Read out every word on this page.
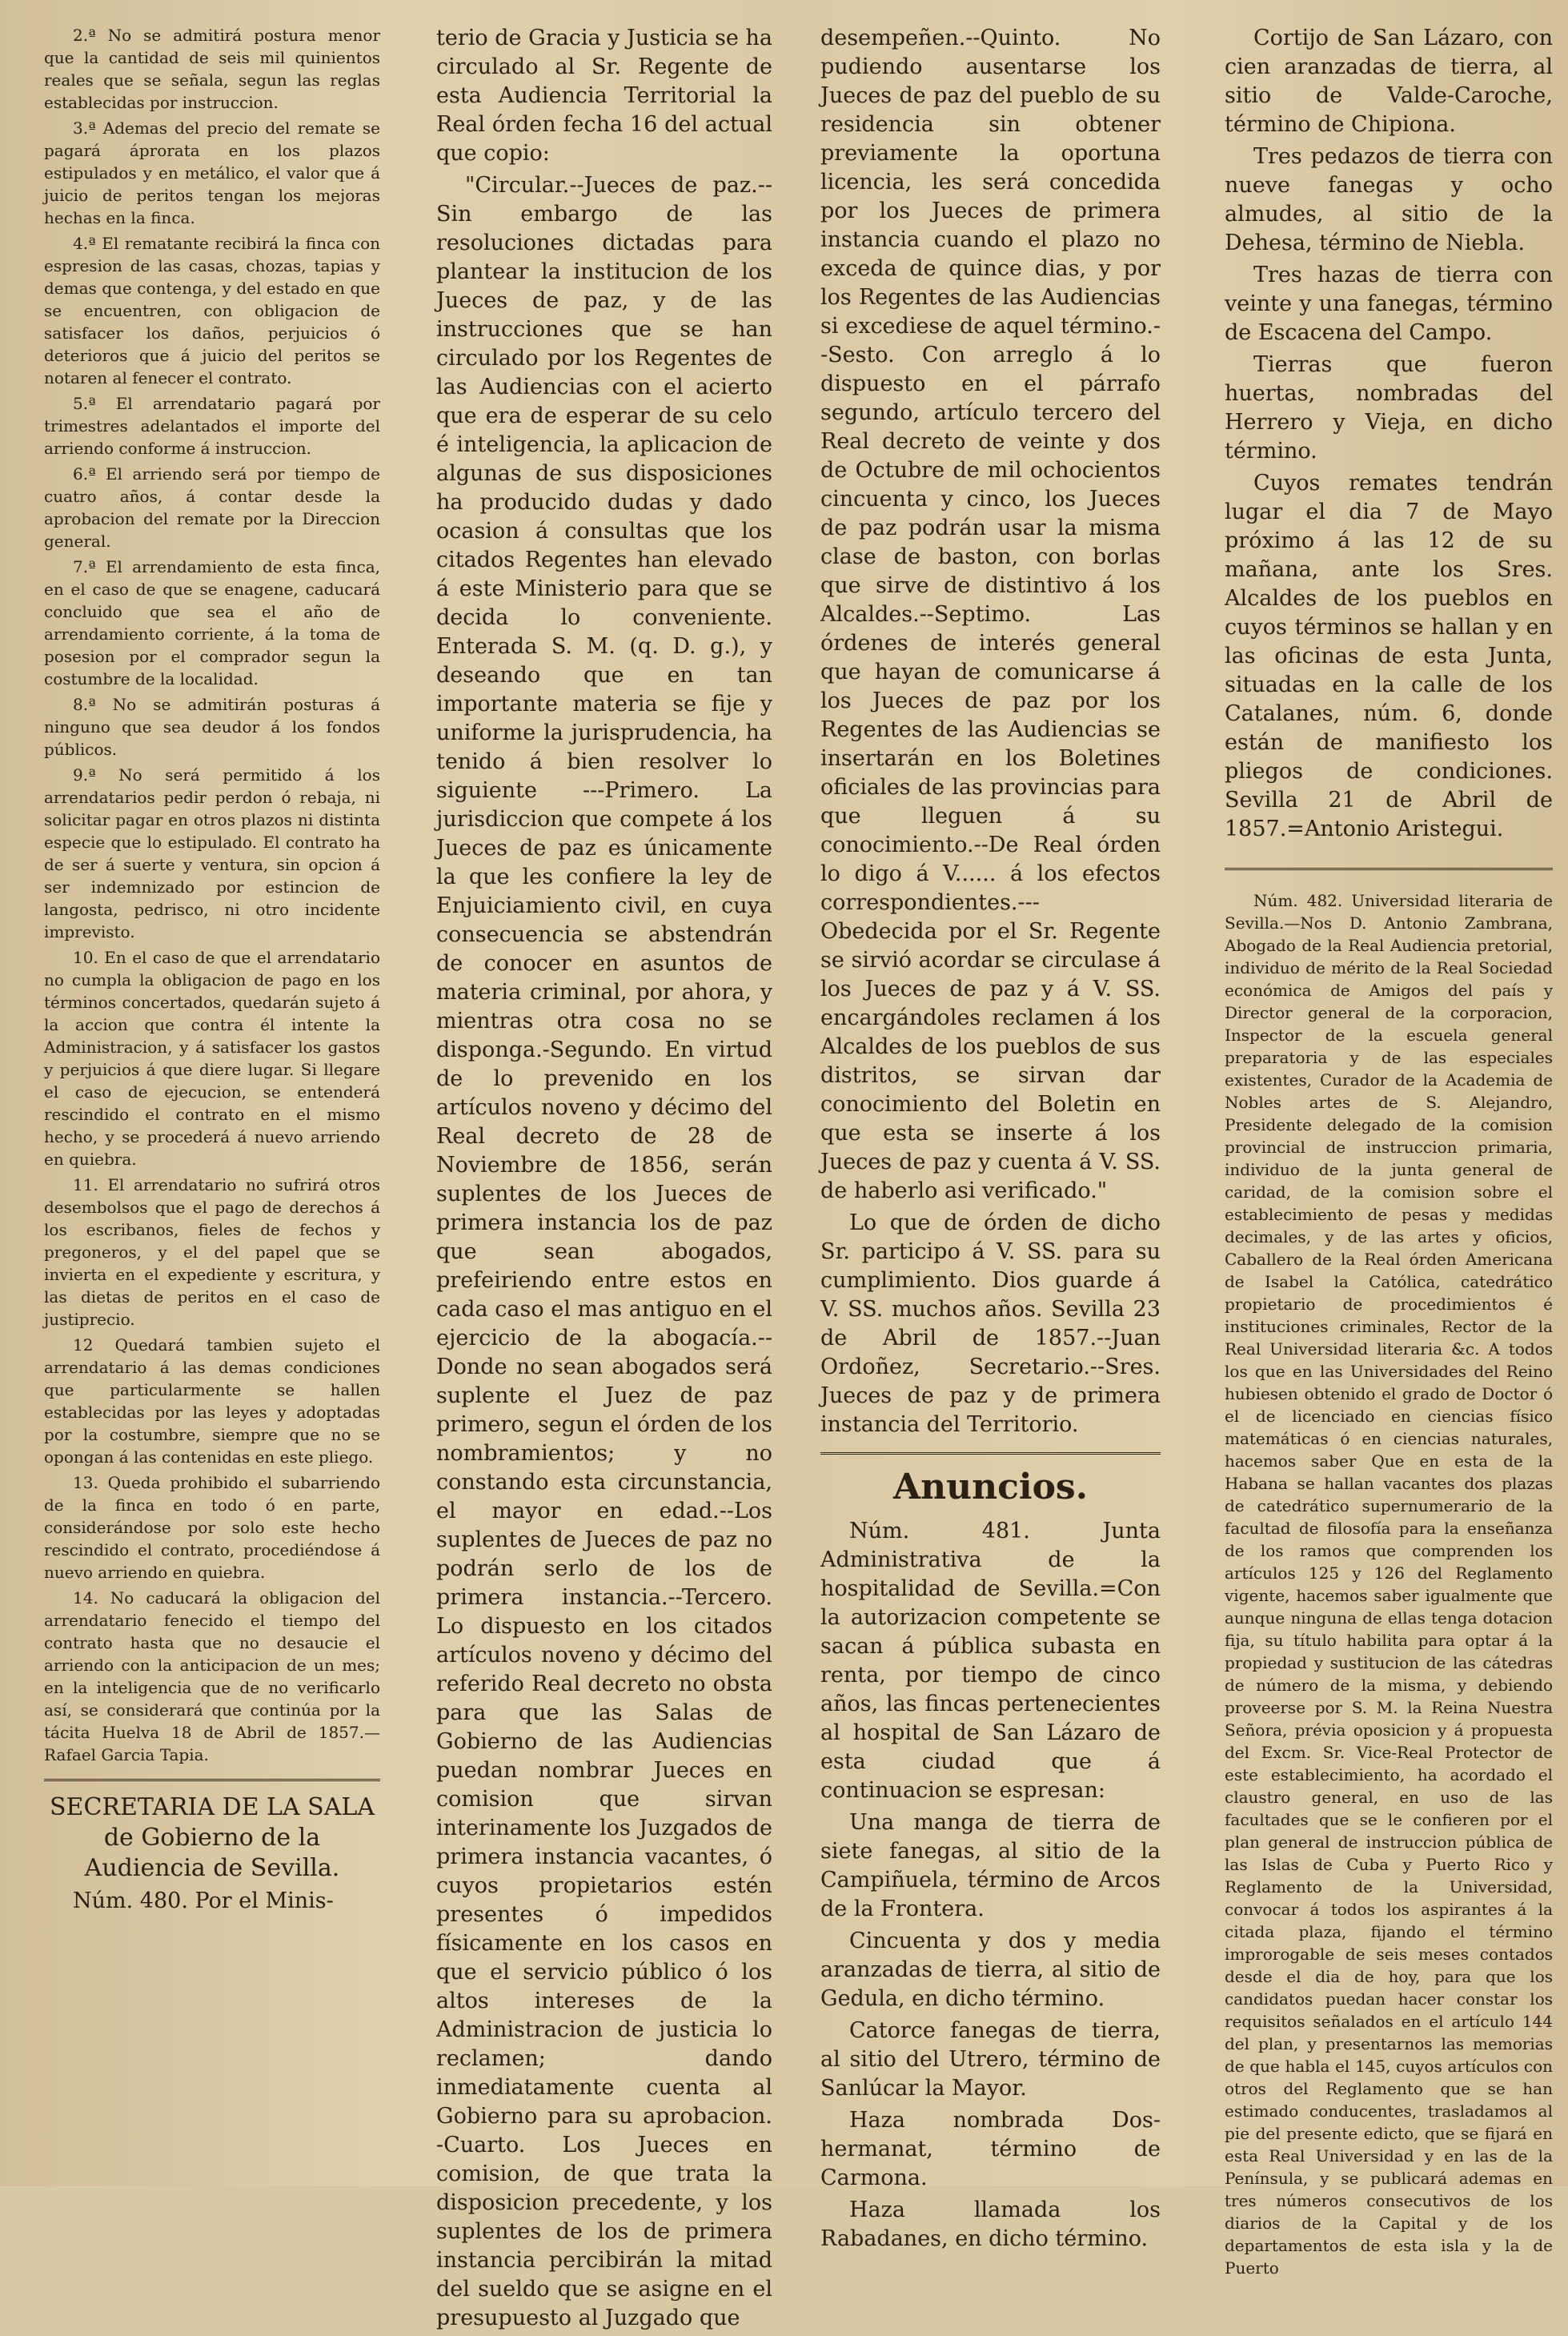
2.ª No se admitirá postura menor que la cantidad de seis mil quinientos reales que se señala, segun las reglas establecidas por instruccion.

3.ª Ademas del precio del remate se pagará áprorata en los plazos estipulados y en metálico, el valor que á juicio de peritos tengan los mejoras hechas en la finca.

4.ª El rematante recibirá la finca con espresion de las casas, chozas, tapias y demas que contenga, y del estado en que se encuentren, con obligacion de satisfacer los daños, perjuicios ó deterioros que á juicio del peritos se notaren al fenecer el contrato.

5.ª El arrendatario pagará por trimestres adelantados el importe del arriendo conforme á instruccion.

6.ª El arriendo será por tiempo de cuatro años, á contar desde la aprobacion del remate por la Direccion general.

7.ª El arrendamiento de esta finca, en el caso de que se enagene, caducará concluido que sea el año de arrendamiento corriente, á la toma de posesion por el comprador segun la costumbre de la localidad.

8.ª No se admitirán posturas á ninguno que sea deudor á los fondos públicos.

9.ª No será permitido á los arrendatarios pedir perdon ó rebaja, ni solicitar pagar en otros plazos ni distinta especie que lo estipulado. El contrato ha de ser á suerte y ventura, sin opcion á ser indemnizado por estincion de langosta, pedrisco, ni otro incidente imprevisto.

10. En el caso de que el arrendatario no cumpla la obligacion de pago en los términos concertados, quedarán sujeto á la accion que contra él intente la Administracion, y á satisfacer los gastos y perjuicios á que diere lugar. Si llegare el caso de ejecucion, se entenderá rescindido el contrato en el mismo hecho, y se procederá á nuevo arriendo en quiebra.

11. El arrendatario no sufrirá otros desembolsos que el pago de derechos á los escribanos, fieles de fechos y pregoneros, y el del papel que se invierta en el expediente y escritura, y las dietas de peritos en el caso de justiprecio.

12 Quedará tambien sujeto el arrendatario á las demas condiciones que particularmente se hallen establecidas por las leyes y adoptadas por la costumbre, siempre que no se opongan á las contenidas en este pliego.

13. Queda prohibido el subarriendo de la finca en todo ó en parte, considerándose por solo este hecho rescindido el contrato, procediéndose á nuevo arriendo en quiebra.

14. No caducará la obligacion del arrendatario fenecido el tiempo del contrato hasta que no desaucie el arriendo con la anticipacion de un mes; en la inteligencia que de no verificarlo así, se considerará que continúa por la tácita Huelva 18 de Abril de 1857.—Rafael Garcia Tapia.

SECRETARIA DE LA SALA de Gobierno de la Audiencia de Sevilla.

Núm. 480. Por el Minis-

terio de Gracia y Justicia se ha circulado al Sr. Regente de esta Audiencia Territorial la Real órden fecha 16 del actual que copio:

"Circular.--Jueces de paz.--Sin embargo de las resoluciones dictadas para plantear la institucion de los Jueces de paz, y de las instrucciones que se han circulado por los Regentes de las Audiencias con el acierto que era de esperar de su celo é inteligencia, la aplicacion de algunas de sus disposiciones ha producido dudas y dado ocasion á consultas que los citados Regentes han elevado á este Ministerio para que se decida lo conveniente. Enterada S. M. (q. D. g.), y deseando que en tan importante materia se fije y uniforme la jurisprudencia, ha tenido á bien resolver lo siguiente ---Primero. La jurisdiccion que compete á los Jueces de paz es únicamente la que les confiere la ley de Enjuiciamiento civil, en cuya consecuencia se abstendrán de conocer en asuntos de materia criminal, por ahora, y mientras otra cosa no se disponga.-Segundo. En virtud de lo prevenido en los artículos noveno y décimo del Real decreto de 28 de Noviembre de 1856, serán suplentes de los Jueces de primera instancia los de paz que sean abogados, prefeiriendo entre estos en cada caso el mas antiguo en el ejercicio de la abogacía.--Donde no sean abogados será suplente el Juez de paz primero, segun el órden de los nombramientos; y no constando esta circunstancia, el mayor en edad.--Los suplentes de Jueces de paz no podrán serlo de los de primera instancia.--Tercero. Lo dispuesto en los citados artículos noveno y décimo del referido Real decreto no obsta para que las Salas de Gobierno de las Audiencias puedan nombrar Jueces en comision que sirvan interinamente los Juzgados de primera instancia vacantes, ó cuyos propietarios estén presentes ó impedidos físicamente en los casos en que el servicio público ó los altos intereses de la Administracion de justicia lo reclamen; dando inmediatamente cuenta al Gobierno para su aprobacion. -Cuarto. Los Jueces en comision, de que trata la disposicion precedente, y los suplentes de los de primera instancia percibirán la mitad del sueldo que se asigne en el presupuesto al Juzgado que

desempeñen.--Quinto. No pudiendo ausentarse los Jueces de paz del pueblo de su residencia sin obtener previamente la oportuna licencia, les será concedida por los Jueces de primera instancia cuando el plazo no exceda de quince dias, y por los Regentes de las Audiencias si excediese de aquel término.--Sesto. Con arreglo á lo dispuesto en el párrafo segundo, artículo tercero del Real decreto de veinte y dos de Octubre de mil ochocientos cincuenta y cinco, los Jueces de paz podrán usar la misma clase de baston, con borlas que sirve de distintivo á los Alcaldes.--Septimo. Las órdenes de interés general que hayan de comunicarse á los Jueces de paz por los Regentes de las Audiencias se insertarán en los Boletines oficiales de las provincias para que lleguen á su conocimiento.--De Real órden lo digo á V...... á los efectos correspondientes.--- Obedecida por el Sr. Regente se sirvió acordar se circulase á los Jueces de paz y á V. SS. encargándoles reclamen á los Alcaldes de los pueblos de sus distritos, se sirvan dar conocimiento del Boletin en que esta se inserte á los Jueces de paz y cuenta á V. SS. de haberlo asi verificado."

Lo que de órden de dicho Sr. participo á V. SS. para su cumplimiento. Dios guarde á V. SS. muchos años. Sevilla 23 de Abril de 1857.--Juan Ordoñez, Secretario.--Sres. Jueces de paz y de primera instancia del Territorio.

Anuncios.

Núm. 481. Junta Administrativa de la hospitalidad de Sevilla.=Con la autorizacion competente se sacan á pública subasta en renta, por tiempo de cinco años, las fincas pertenecientes al hospital de San Lázaro de esta ciudad que á continuacion se espresan:

Una manga de tierra de siete fanegas, al sitio de la Campiñuela, término de Arcos de la Frontera.

Cincuenta y dos y media aranzadas de tierra, al sitio de Gedula, en dicho término.

Catorce fanegas de tierra, al sitio del Utrero, término de Sanlúcar la Mayor.

Haza nombrada Dos-hermanat, término de Carmona.

Haza llamada los Rabadanes, en dicho término.

Cortijo de San Lázaro, con cien aranzadas de tierra, al sitio de Valde-Caroche, término de Chipiona.

Tres pedazos de tierra con nueve fanegas y ocho almudes, al sitio de la Dehesa, término de Niebla.

Tres hazas de tierra con veinte y una fanegas, término de Escacena del Campo.

Tierras que fueron huertas, nombradas del Herrero y Vieja, en dicho término.

Cuyos remates tendrán lugar el dia 7 de Mayo próximo á las 12 de su mañana, ante los Sres. Alcaldes de los pueblos en cuyos términos se hallan y en las oficinas de esta Junta, situadas en la calle de los Catalanes, núm. 6, donde están de manifiesto los pliegos de condiciones. Sevilla 21 de Abril de 1857.=Antonio Aristegui.

Núm. 482. Universidad literaria de Sevilla.—Nos D. Antonio Zambrana, Abogado de la Real Audiencia pretorial, individuo de mérito de la Real Sociedad económica de Amigos del país y Director general de la corporacion, Inspector de la escuela general preparatoria y de las especiales existentes, Curador de la Academia de Nobles artes de S. Alejandro, Presidente delegado de la comision provincial de instruccion primaria, individuo de la junta general de caridad, de la comision sobre el establecimiento de pesas y medidas decimales, y de las artes y oficios, Caballero de la Real órden Americana de Isabel la Católica, catedrático propietario de procedimientos é instituciones criminales, Rector de la Real Universidad literaria &c. A todos los que en las Universidades del Reino hubiesen obtenido el grado de Doctor ó el de licenciado en ciencias físico matemáticas ó en ciencias naturales, hacemos saber Que en esta de la Habana se hallan vacantes dos plazas de catedrático supernumerario de la facultad de filosofía para la enseñanza de los ramos que comprenden los artículos 125 y 126 del Reglamento vigente, hacemos saber igualmente que aunque ninguna de ellas tenga dotacion fija, su título habilita para optar á la propiedad y sustitucion de las cátedras de número de la misma, y debiendo proveerse por S. M. la Reina Nuestra Señora, prévia oposicion y á propuesta del Excm. Sr. Vice-Real Protector de este establecimiento, ha acordado el claustro general, en uso de las facultades que se le confieren por el plan general de instruccion pública de las Islas de Cuba y Puerto Rico y Reglamento de la Universidad, convocar á todos los aspirantes á la citada plaza, fijando el término improrogable de seis meses contados desde el dia de hoy, para que los candidatos puedan hacer constar los requisitos señalados en el artículo 144 del plan, y presentarnos las memorias de que habla el 145, cuyos artículos con otros del Reglamento que se han estimado conducentes, trasladamos al pie del presente edicto, que se fijará en esta Real Universidad y en las de la Península, y se publicará ademas en tres números consecutivos de los diarios de la Capital y de los departamentos de esta isla y la de Puerto
